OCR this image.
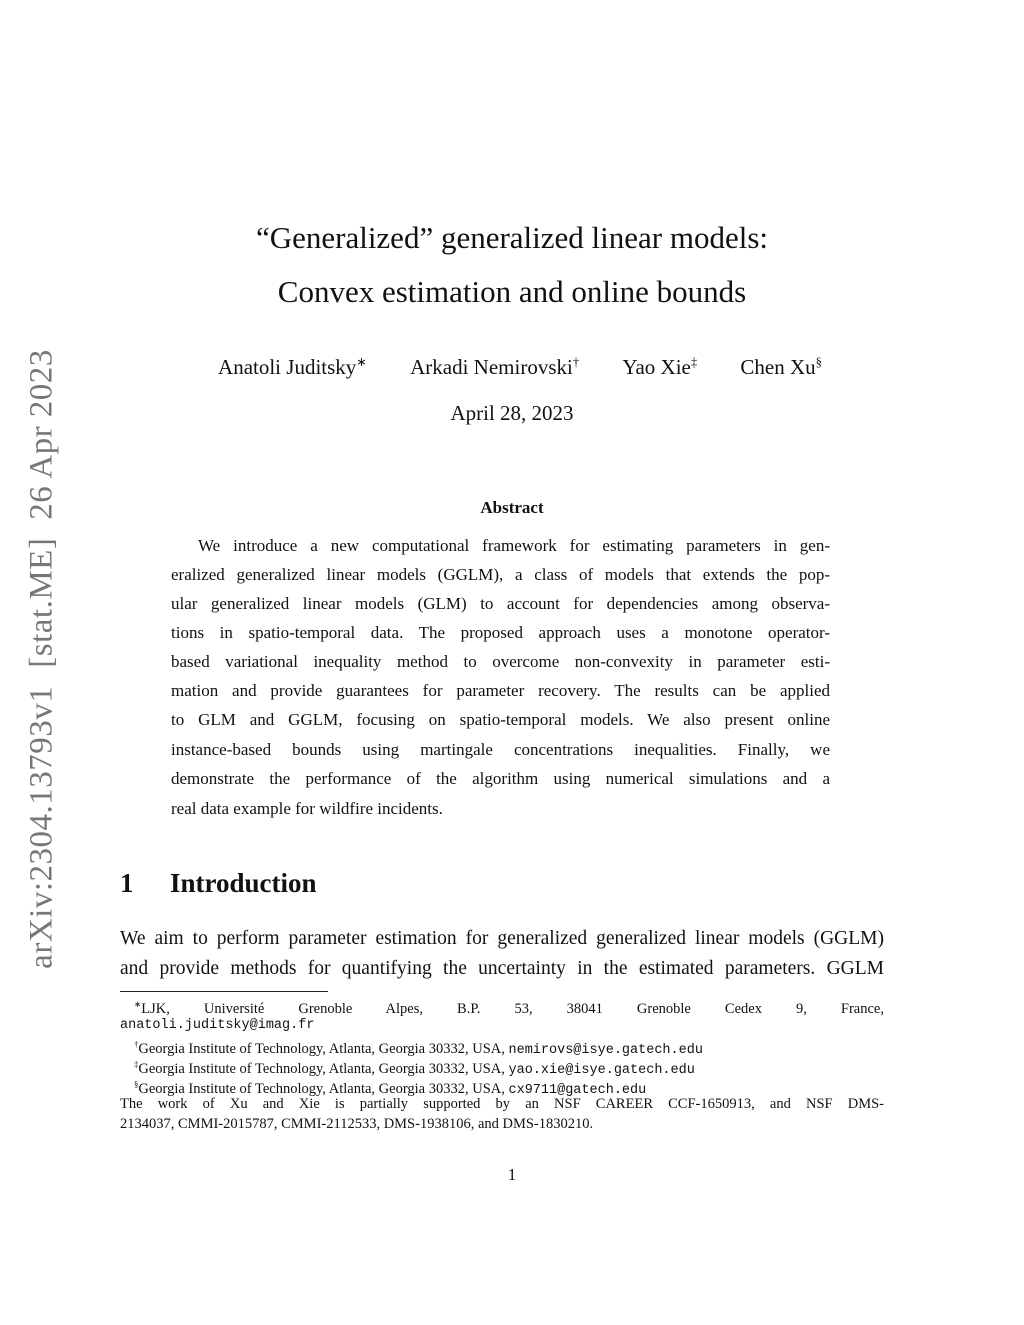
arXiv:2304.13793v1[stat.ME]26 Apr 2023
“Generalized” generalized linear models:
Convex estimation and online bounds
Anatoli Juditsky∗ Arkadi Nemirovski† Yao Xie‡ Chen Xu§
April 28, 2023
Abstract
We introduce a new computational framework for estimating parameters in gen-
eralized generalized linear models (GGLM), a class of models that extends the pop-
ular generalized linear models (GLM) to account for dependencies among observa-
tions in spatio-temporal data. The proposed approach uses a monotone operator-
based variational inequality method to overcome non-convexity in parameter esti-
mation and provide guarantees for parameter recovery. The results can be applied
to GLM and GGLM, focusing on spatio-temporal models. We also present online
instance-based bounds using martingale concentrations inequalities. Finally, we
demonstrate the performance of the algorithm using numerical simulations and a
real data example for wildfire incidents.
1 Introduction
We aim to perform parameter estimation for generalized generalized linear models (GGLM)
and provide methods for quantifying the uncertainty in the estimated parameters. GGLM
∗LJK, Université Grenoble Alpes, B.P. 53, 38041 Grenoble Cedex 9, France,
anatoli.juditsky@imag.fr
†Georgia Institute of Technology, Atlanta, Georgia 30332, USA, nemirovs@isye.gatech.edu
‡Georgia Institute of Technology, Atlanta, Georgia 30332, USA, yao.xie@isye.gatech.edu
§Georgia Institute of Technology, Atlanta, Georgia 30332, USA, cx9711@gatech.edu
The work of Xu and Xie is partially supported by an NSF CAREER CCF-1650913, and NSF DMS-
2134037, CMMI-2015787, CMMI-2112533, DMS-1938106, and DMS-1830210.
1
